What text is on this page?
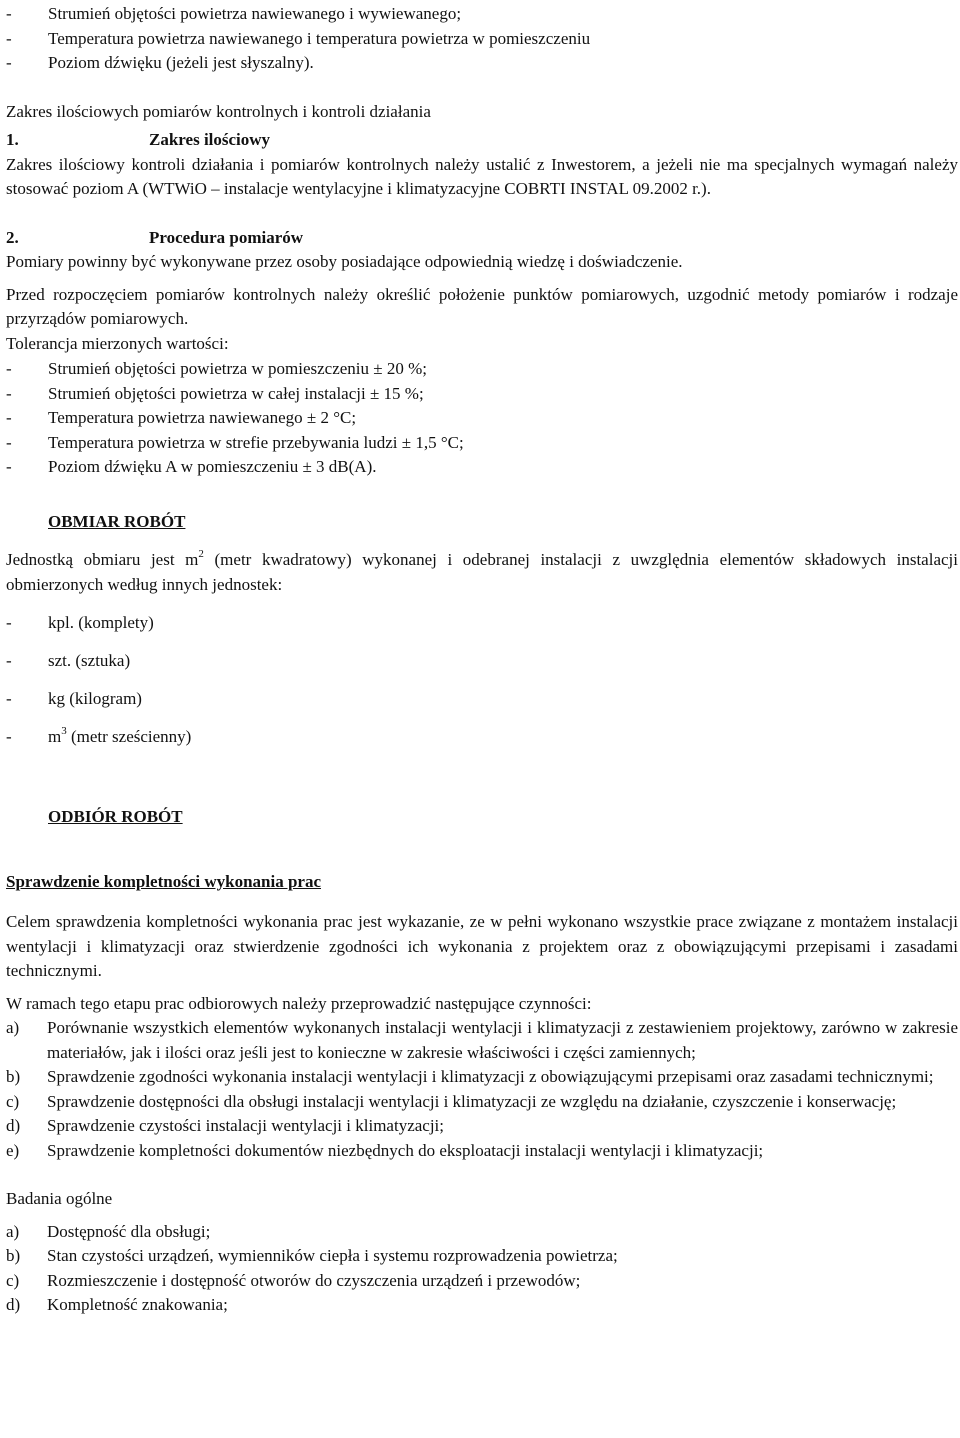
-	Strumień objętości powietrza nawiewanego i wywiewanego;
-	Temperatura powietrza nawiewanego i temperatura powietrza w pomieszczeniu
-	Poziom dźwięku (jeżeli jest słyszalny).

Zakres ilościowych pomiarów kontrolnych i kontroli działania

1.	Zakres ilościowy

Zakres ilościowy kontroli działania i pomiarów kontrolnych należy ustalić z Inwestorem, a jeżeli nie ma specjalnych wymagań należy stosować poziom A (WTWiO – instalacje wentylacyjne i klimatyzacyjne COBRTI INSTAL 09.2002 r.).

2.	Procedura pomiarów

Pomiary powinny być wykonywane przez osoby posiadające odpowiednią wiedzę i doświadczenie.

Przed rozpoczęciem pomiarów kontrolnych należy określić położenie punktów pomiarowych, uzgodnić metody pomiarów i rodzaje przyrządów pomiarowych.

Tolerancja mierzonych wartości:

-	Strumień objętości powietrza w pomieszczeniu ± 20 %;
-	Strumień objętości powietrza w całej instalacji ± 15 %;
-	Temperatura powietrza nawiewanego ± 2 °C;
-	Temperatura powietrza w strefie przebywania ludzi ± 1,5 °C;
-	Poziom dźwięku A w pomieszczeniu ± 3 dB(A).

OBMIAR ROBÓT

Jednostką obmiaru jest $m^2$ (metr kwadratowy) wykonanej i odebranej instalacji z uwzględnia elementów składowych instalacji obmierzonych według innych jednostek:

-	kpl. (komplety)
-	szt. (sztuka)
-	kg (kilogram)
-	$m^3$ (metr sześcienny)

ODBIÓR ROBÓT

Sprawdzenie kompletności wykonania prac

Celem sprawdzenia kompletności wykonania prac jest wykazanie, ze w pełni wykonano wszystkie prace związane z montażem instalacji wentylacji i klimatyzacji oraz stwierdzenie zgodności ich wykonania z projektem oraz z obowiązującymi przepisami i zasadami technicznymi.

W ramach tego etapu prac odbiorowych należy przeprowadzić następujące czynności:

a) Porównanie wszystkich elementów wykonanych instalacji wentylacji i klimatyzacji z zestawieniem projektowy, zarówno w zakresie materiałów, jak i ilości oraz jeśli jest to konieczne w zakresie właściwości i części zamiennych;
b) Sprawdzenie zgodności wykonania instalacji wentylacji i klimatyzacji z obowiązującymi przepisami oraz zasadami technicznymi;
c) Sprawdzenie dostępności dla obsługi instalacji wentylacji i klimatyzacji ze względu na działanie, czyszczenie i konserwację;
d) Sprawdzenie czystości instalacji wentylacji i klimatyzacji;
e) Sprawdzenie kompletności dokumentów niezbędnych do eksploatacji instalacji wentylacji i klimatyzacji;

Badania ogólne

a) Dostępność dla obsługi;
b) Stan czystości urządzeń, wymienników ciepła i systemu rozprowadzenia powietrza;
c) Rozmieszczenie i dostępność otworów do czyszczenia urządzeń i przewodów;
d) Kompletność znakowania;
